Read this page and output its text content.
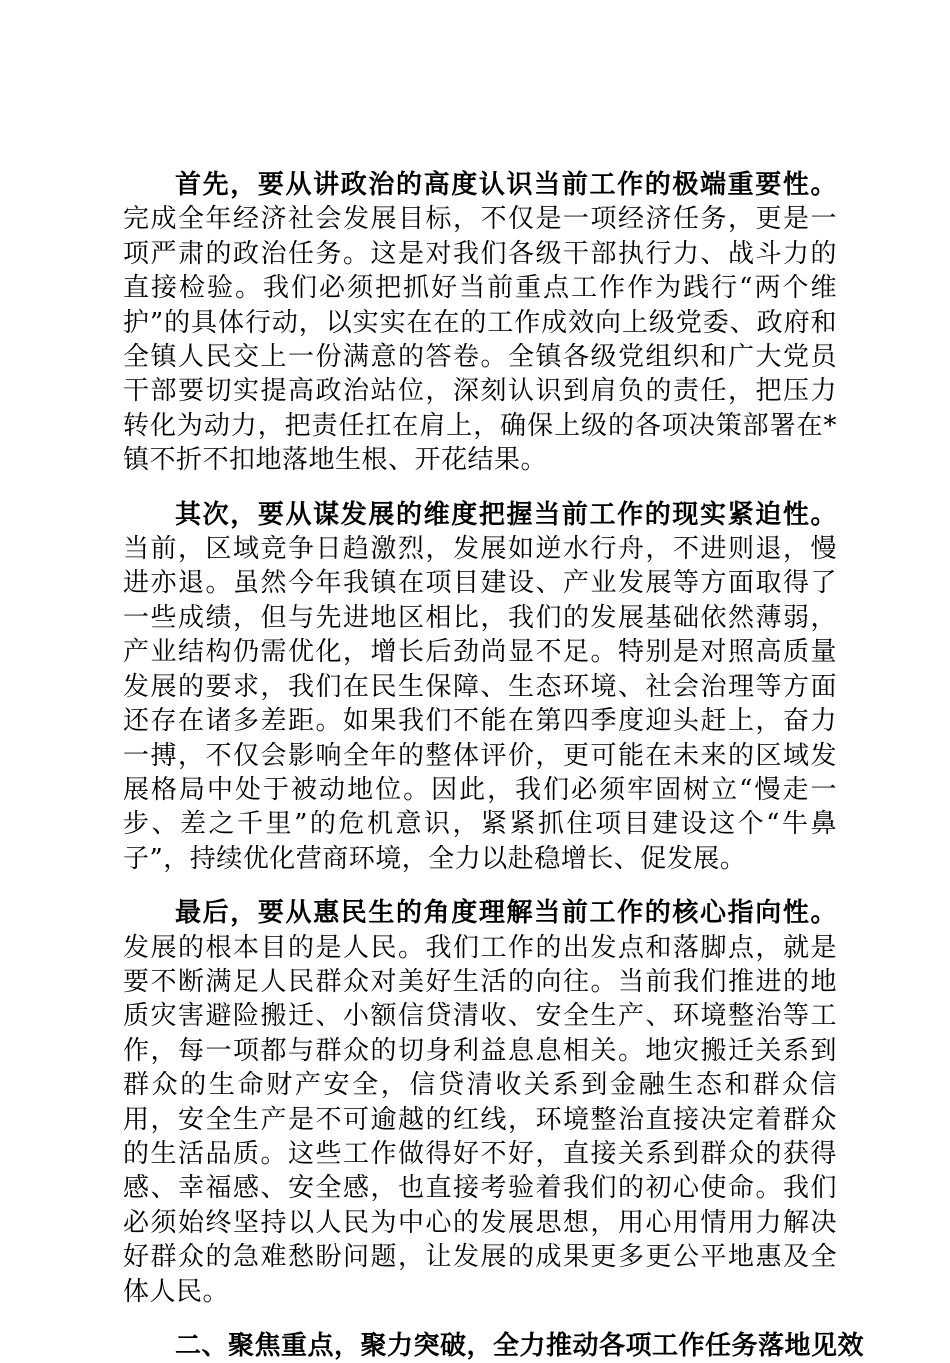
首先，要从讲政治的高度认识当前工作的极端重要性。完成全年经济社会发展目标，不仅是一项经济任务，更是一项严肃的政治任务。这是对我们各级干部执行力、战斗力的直接检验。我们必须把抓好当前重点工作作为践行“两个维护”的具体行动，以实实在在的工作成效向上级党委、政府和全镇人民交上一份满意的答卷。全镇各级党组织和广大党员干部要切实提高政治站位，深刻认识到肩负的责任，把压力转化为动力，把责任扛在肩上，确保上级的各项决策部署在*镇不折不扣地落地生根、开花结果。

其次，要从谋发展的维度把握当前工作的现实紧迫性。当前，区域竞争日趋激烈，发展如逆水行舟，不进则退，慢进亦退。虽然今年我镇在项目建设、产业发展等方面取得了一些成绩，但与先进地区相比，我们的发展基础依然薄弱，产业结构仍需优化，增长后劲尚显不足。特别是对照高质量发展的要求，我们在民生保障、生态环境、社会治理等方面还存在诸多差距。如果我们不能在第四季度迎头赶上，奋力一搏，不仅会影响全年的整体评价，更可能在未来的区域发展格局中处于被动地位。因此，我们必须牢固树立“慢走一步、差之千里”的危机意识，紧紧抓住项目建设这个“牛鼻子”，持续优化营商环境，全力以赴稳增长、促发展。

最后，要从惠民生的角度理解当前工作的核心指向性。发展的根本目的是人民。我们工作的出发点和落脚点，就是要不断满足人民群众对美好生活的向往。当前我们推进的地质灾害避险搬迁、小额信贷清收、安全生产、环境整治等工作，每一项都与群众的切身利益息息相关。地灾搬迁关系到群众的生命财产安全，信贷清收关系到金融生态和群众信用，安全生产是不可逾越的红线，环境整治直接决定着群众的生活品质。这些工作做得好不好，直接关系到群众的获得感、幸福感、安全感，也直接考验着我们的初心使命。我们必须始终坚持以人民为中心的发展思想，用心用情用力解决好群众的急难愁盼问题，让发展的成果更多更公平地惠及全体人民。

二、聚焦重点，聚力突破，全力推动各项工作任务落地见效
